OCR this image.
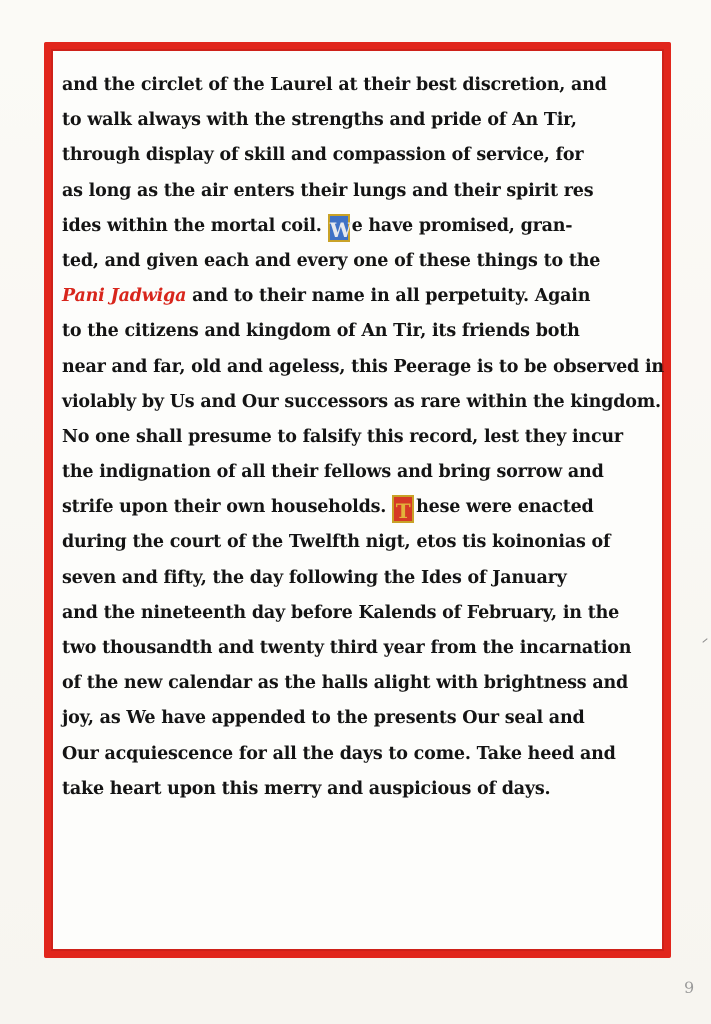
and the circlet of the Laurel at their best discretion, and
to walk always with the strengths and pride of An Tir,
through display of skill and compassion of service, for
as long as the air enters their lungs and their spirit res
ides within the mortal coil. We have promised, gran-
ted, and given each and every one of these things to the
Pani Jadwiga and to their name in all perpetuity. Again
to the citizens and kingdom of An Tir, its friends both
near and far, old and ageless, this Peerage is to be observed in
violably by Us and Our successors as rare within the kingdom.
No one shall presume to falsify this record, lest they incur
the indignation of all their fellows and bring sorrow and
strife upon their own households. T hese were enacted
during the court of the Twelfth nigt, etos tis koinonias of
seven and fifty, the day following the Ides of January
and the nineteenth day before Kalends of February, in the
two thousandth and twenty third year from the incarnation
of the new calendar as the halls alight with brightness and
joy, as We have appended to the presents Our seal and
Our acquiescence for all the days to come. Take heed and
take heart upon this merry and auspicious of days.
9
